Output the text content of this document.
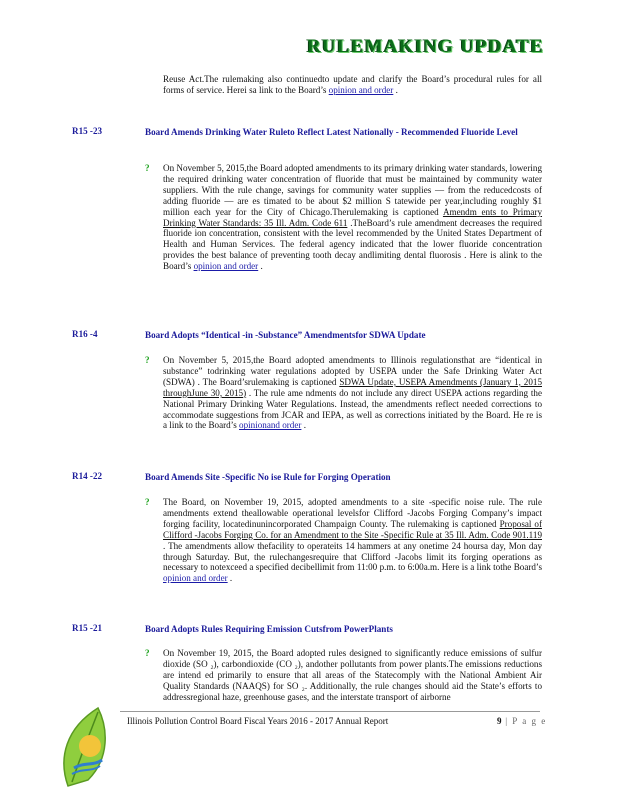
RULEMAKING UPDATE
Reuse Act.The rulemaking also continuedto update and clarify the Board’s procedural rules for all forms of service. Herei sa link to the Board’s opinion and order .
R15 -23	Board Amends Drinking Water Ruleto Reflect Latest Nationally - Recommended Fluoride Level
? On November 5, 2015,the Board adopted amendments to its primary drinking water standards, lowering the required drinking water concentration of fluoride that must be maintained by community water suppliers. With the rule change, savings for community water supplies — from the reducedcosts of adding fluoride — are es timated to be about $2 million S tatewide per year,including roughly $1 million each year for the City of Chicago.Therulemaking is captioned Amendm ents to Primary Drinking Water Standards: 35 Ill. Adm. Code 611 .TheBoard’s rule amendment decreases the required fluoride ion concentration, consistent with the level recommended by the United States Department of Health and Human Services. The federal agency indicated that the lower fluoride concentration provides the best balance of preventing tooth decay andlimiting dental fluorosis . Here is alink to the Board’s opinion and order .
R16 -4	Board Adopts “Identical -in -Substance” Amendmentsfor SDWA Update
? On November 5, 2015,the Board adopted amendments to Illinois regulationsthat are “identical in substance” todrinking water regulations adopted by USEPA under the Safe Drinking Water Act (SDWA) . The Board’srulemaking is captioned SDWA Update, USEPA Amendments (January 1, 2015 throughJune 30, 2015) . The rule ame ndments do not include any direct USEPA actions regarding the National Primary Drinking Water Regulations. Instead, the amendments reflect needed corrections to accommodate suggestions from JCAR and IEPA, as well as corrections initiated by the Board. He re is a link to the Board’s opinionand order .
R14 -22	Board Amends Site -Specific No ise Rule for Forging Operation
? The Board, on November 19, 2015, adopted amendments to a site -specific noise rule. The rule amendments extend theallowable operational levelsfor Clifford -Jacobs Forging Company’s impact forging facility, locatedinunincorporated Champaign County. The rulemaking is captioned Proposal of Clifford -Jacobs Forging Co. for an Amendment to the Site -Specific Rule at 35 Ill. Adm. Code 901.119 . The amendments allow thefacility to operateits 14 hammers at any onetime 24 hoursa day, Mon day through Saturday. But, the rulechangesrequire that Clifford -Jacobs limit its forging operations as necessary to notexceed a specified decibellimit from 11:00 p.m. to 6:00a.m. Here is a link tothe Board’s opinion and order .
R15 -21	Board Adopts Rules Requiring Emission Cutsfrom PowerPlants
? On November 19, 2015, the Board adopted rules designed to significantly reduce emissions of sulfur dioxide (SO ₂), carbondioxide (CO ₂), andother pollutants from power plants.The emissions reductions are intend ed primarily to ensure that all areas of the Statecomply with the National Ambient Air Quality Standards (NAAQS) for SO ₂. Additionally, the rule changes should aid the State’s efforts to addressregional haze, greenhouse gases, and the interstate transport of airborne
Illinois Pollution Control Board Fiscal Years 2016 - 2017 Annual Report	9 | P a g e
